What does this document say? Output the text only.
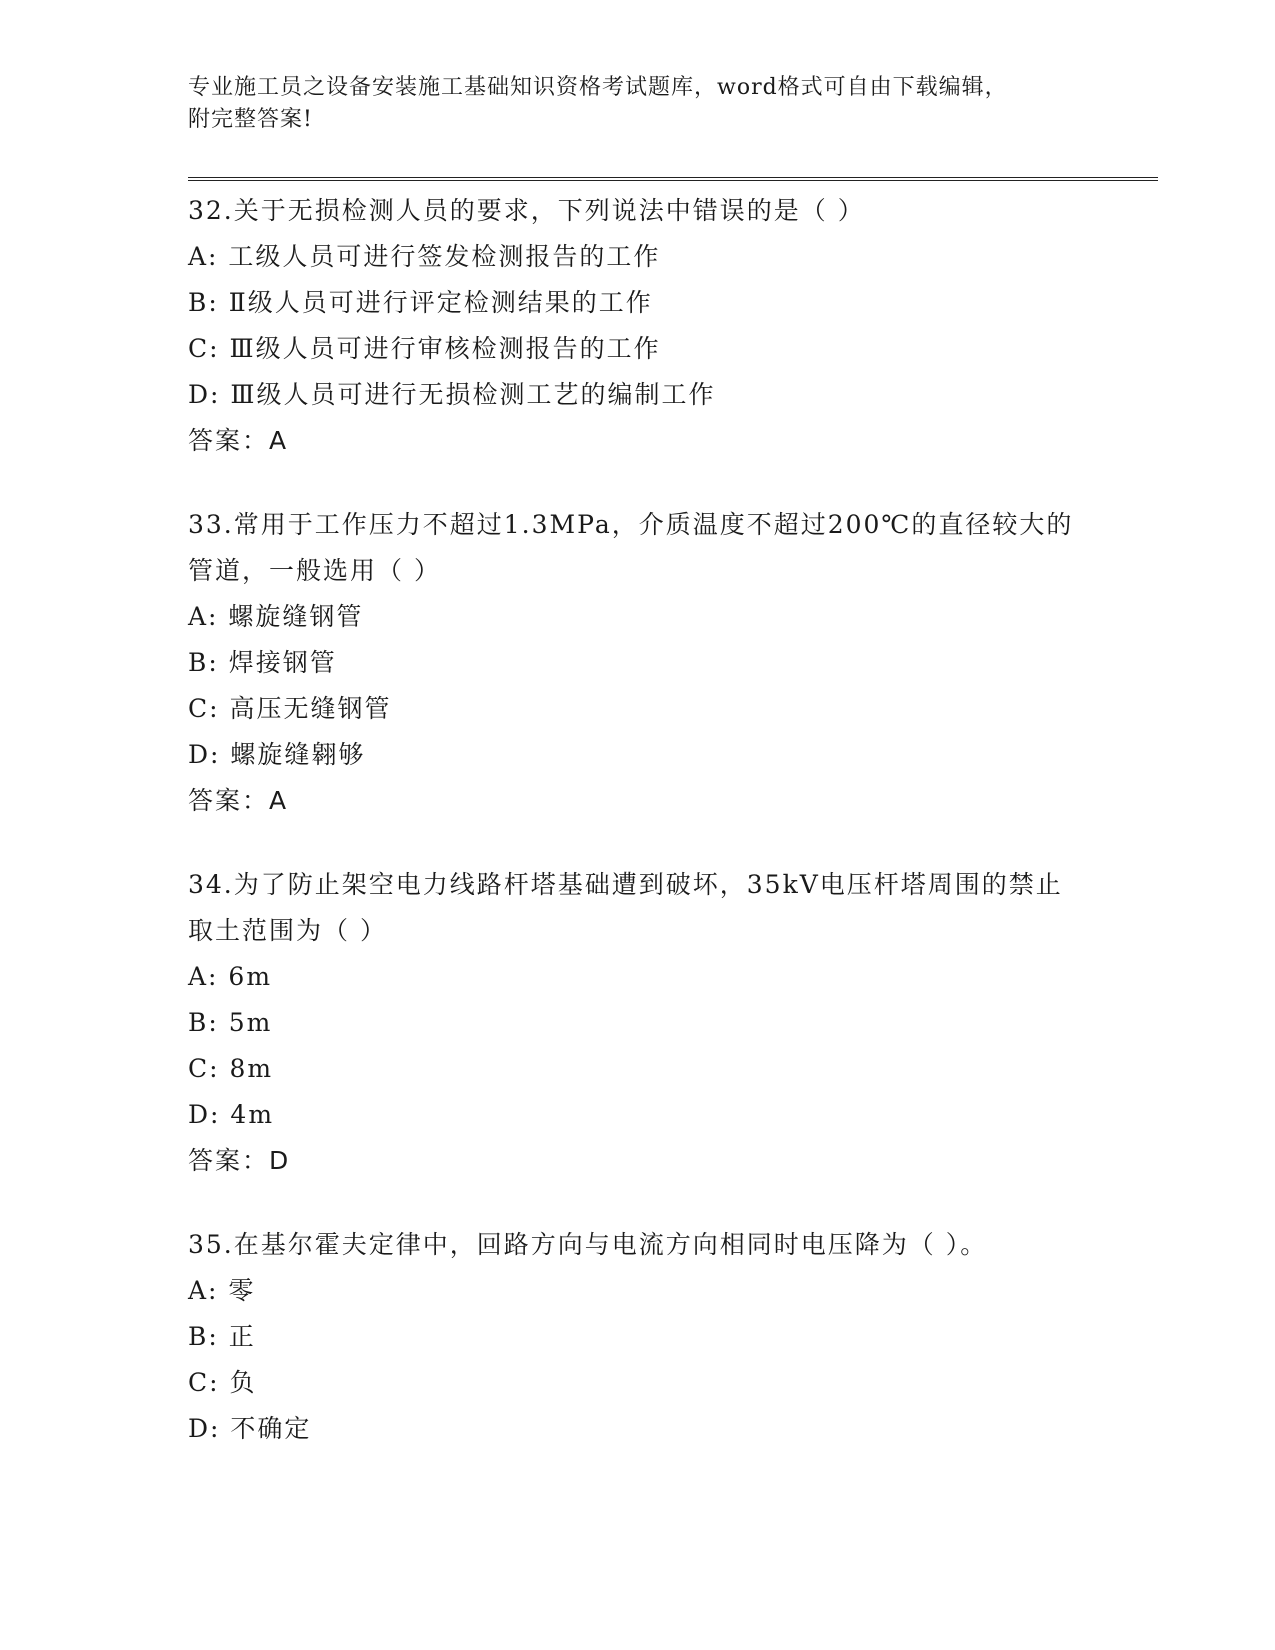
专业施工员之设备安装施工基础知识资格考试题库，word格式可自由下载编辑，
附完整答案!

32.关于无损检测人员的要求，下列说法中错误的是（ ）

A: 工级人员可进行签发检测报告的工作

B: Ⅱ级人员可进行评定检测结果的工作

C: Ⅲ级人员可进行审核检测报告的工作

D: Ⅲ级人员可进行无损检测工艺的编制工作

答案：A

33.常用于工作压力不超过1.3MPa，介质温度不超过200℃的直径较大的管道，一般选用（ ）

A: 螺旋缝钢管

B: 焊接钢管

C: 高压无缝钢管

D: 螺旋缝翱够

答案：A

34.为了防止架空电力线路杆塔基础遭到破坏，35kV电压杆塔周围的禁止取土范围为（ ）

A: 6m

B: 5m

C: 8m

D: 4m

答案：D

35.在基尔霍夫定律中，回路方向与电流方向相同时电压降为（ ）。

A: 零

B: 正

C: 负

D: 不确定
